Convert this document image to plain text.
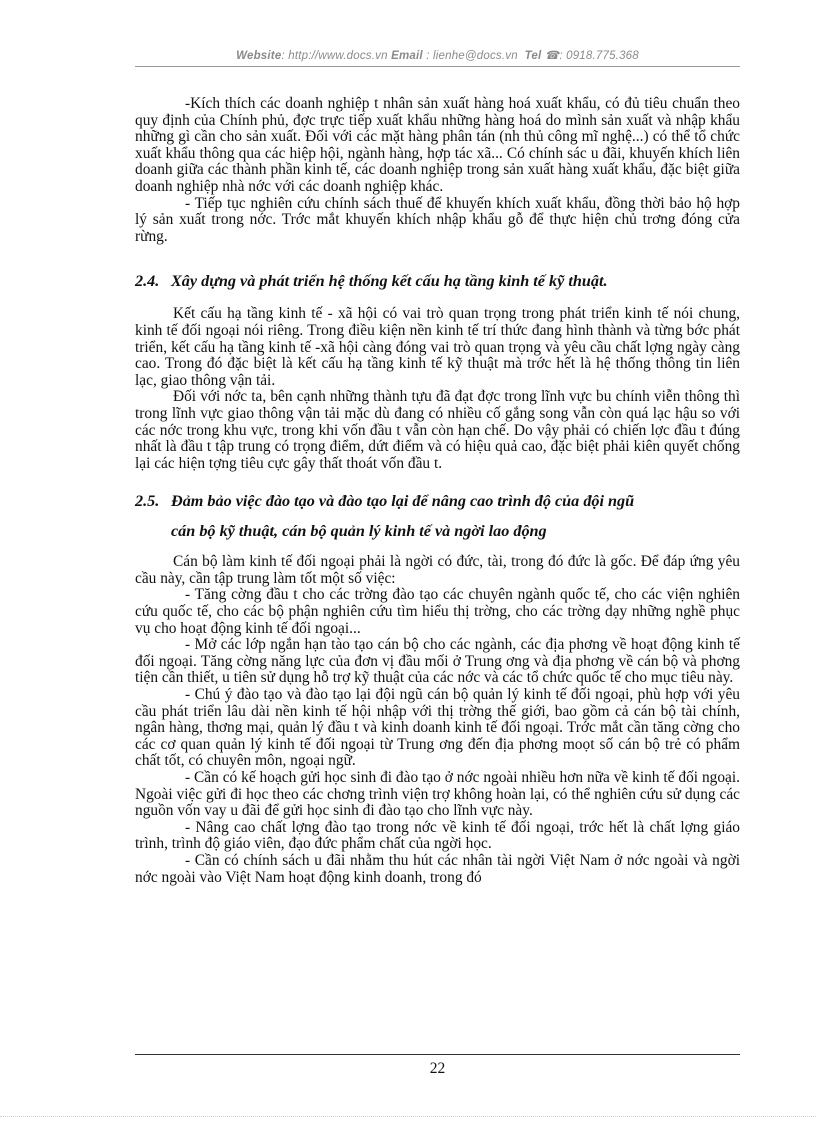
Website: http://www.docs.vn Email : lienhe@docs.vn Tel ☎: 0918.775.368

-Kích thích các doanh nghiệp t nhân sản xuất hàng hoá xuất khẩu, có đủ tiêu chuẩn theo quy định của Chính phủ, đợc trực tiếp xuất khẩu những hàng hoá do mình sản xuất và nhập khẩu những gì cần cho sản xuất. Đối với các mặt hàng phân tán (nh thủ công mĩ nghệ...) có thể tổ chức xuất khẩu thông qua các hiệp hội, ngành hàng, hợp tác xã... Có chính sác u đãi, khuyến khích liên doanh giữa các thành phần kinh tế, các doanh nghiệp trong sản xuất hàng xuất khẩu, đặc biệt giữa doanh nghiệp nhà nớc với các doanh nghiệp khác.

- Tiếp tục nghiên cứu chính sách thuế để khuyến khích xuất khẩu, đồng thời bảo hộ hợp lý sản xuất trong nớc. Trớc mắt khuyến khích nhập khẩu gỗ để thực hiện chủ trơng đóng cửa rừng.

2.4. Xây dựng và phát triển hệ thống kết cấu hạ tầng kinh tế kỹ thuật.

Kết cấu hạ tầng kinh tế - xã hội có vai trò quan trọng trong phát triển kinh tế nói chung, kinh tế đối ngoại nói riêng. Trong điều kiện nền kinh tế trí thức đang hình thành và từng bớc phát triển, kết cấu hạ tầng kinh tế -xã hội càng đóng vai trò quan trọng và yêu cầu chất lợng ngày càng cao. Trong đó đặc biệt là kết cấu hạ tầng kinh tế kỹ thuật mà trớc hết là hệ thống thông tin liên lạc, giao thông vận tải.

Đối với nớc ta, bên cạnh những thành tựu đã đạt đợc trong lĩnh vực bu chính viễn thông thì trong lĩnh vực giao thông vận tải mặc dù đang có nhiều cố gắng song vẫn còn quá lạc hậu so với các nớc trong khu vực, trong khi vốn đầu t vẫn còn hạn chế. Do vậy phải có chiến lợc đầu t đúng nhất là đầu t tập trung có trọng điểm, dứt điểm và có hiệu quả cao, đặc biệt phải kiên quyết chống lại các hiện tợng tiêu cực gây thất thoát vốn đầu t.

2.5. Đảm bảo việc đào tạo và đào tạo lại để nâng cao trình độ của đội ngũ
cán bộ kỹ thuật, cán bộ quản lý kinh tế và ngời lao động

Cán bộ làm kinh tế đối ngoại phải là ngời có đức, tài, trong đó đức là gốc. Để đáp ứng yêu cầu này, cần tập trung làm tốt một số việc:

- Tăng cờng đầu t cho các trờng đào tạo các chuyên ngành quốc tế, cho các viện nghiên cứu quốc tế, cho các bộ phận nghiên cứu tìm hiểu thị trờng, cho các trờng dạy những nghề phục vụ cho hoạt động kinh tế đối ngoại...

- Mở các lớp ngắn hạn tào tạo cán bộ cho các ngành, các địa phơng về hoạt động kinh tế đối ngoại. Tăng cờng năng lực của đơn vị đầu mối ở Trung ơng và địa phơng về cán bộ và phơng tiện cần thiết, u tiên sử dụng hỗ trợ kỹ thuật của các nớc và các tổ chức quốc tế cho mục tiêu này.

- Chú ý đào tạo và đào tạo lại đội ngũ cán bộ quản lý kinh tế đối ngoại, phù hợp với yêu cầu phát triển lâu dài nền kinh tế hội nhập với thị trờng thế giới, bao gồm cả cán bộ tài chính, ngân hàng, thơng mại, quản lý đầu t và kinh doanh kinh tế đối ngoại. Trớc mắt cần tăng cờng cho các cơ quan quản lý kinh tế đối ngoại từ Trung ơng đến địa phơng moọt số cán bộ trẻ có phẩm chất tốt, có chuyên môn, ngoại ngữ.

- Cần có kế hoạch gửi học sinh đi đào tạo ở nớc ngoài nhiều hơn nữa về kinh tế đối ngoại. Ngoài việc gửi đi học theo các chơng trình viện trợ không hoàn lại, có thể nghiên cứu sử dụng các nguồn vốn vay u đãi để gửi học sinh đi đào tạo cho lĩnh vực này.

- Nâng cao chất lợng đào tạo trong nớc về kinh tế đối ngoại, trớc hết là chất lợng giáo trình, trình độ giáo viên, đạo đức phẩm chất của ngời học.

- Cần có chính sách u đãi nhằm thu hút các nhân tài ngời Việt Nam ở nớc ngoài và ngời nớc ngoài vào Việt Nam hoạt động kinh doanh, trong đó

22
